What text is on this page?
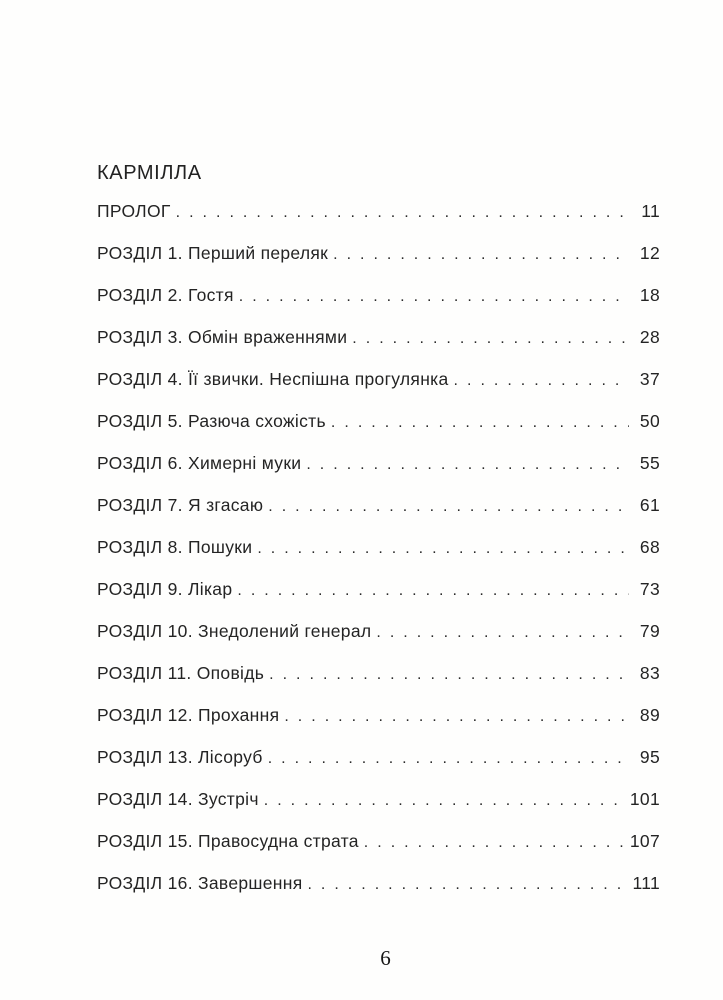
КАРМІЛЛА
ПРОЛОГ .....	11
РОЗДІЛ 1. Перший переляк .....	12
РОЗДІЛ 2. Гостя .....	18
РОЗДІЛ 3. Обмін враженнями .....	28
РОЗДІЛ 4. Її звички. Неспішна прогулянка .....	37
РОЗДІЛ 5. Разюча схожість .....	50
РОЗДІЛ 6. Химерні муки .....	55
РОЗДІЛ 7. Я згасаю .....	61
РОЗДІЛ 8. Пошуки .....	68
РОЗДІЛ 9. Лікар .....	73
РОЗДІЛ 10. Знедолений генерал .....	79
РОЗДІЛ 11. Оповідь .....	83
РОЗДІЛ 12. Прохання .....	89
РОЗДІЛ 13. Лісоруб .....	95
РОЗДІЛ 14. Зустріч .....	101
РОЗДІЛ 15. Правосудна страта .....	107
РОЗДІЛ 16. Завершення .....	111
6
